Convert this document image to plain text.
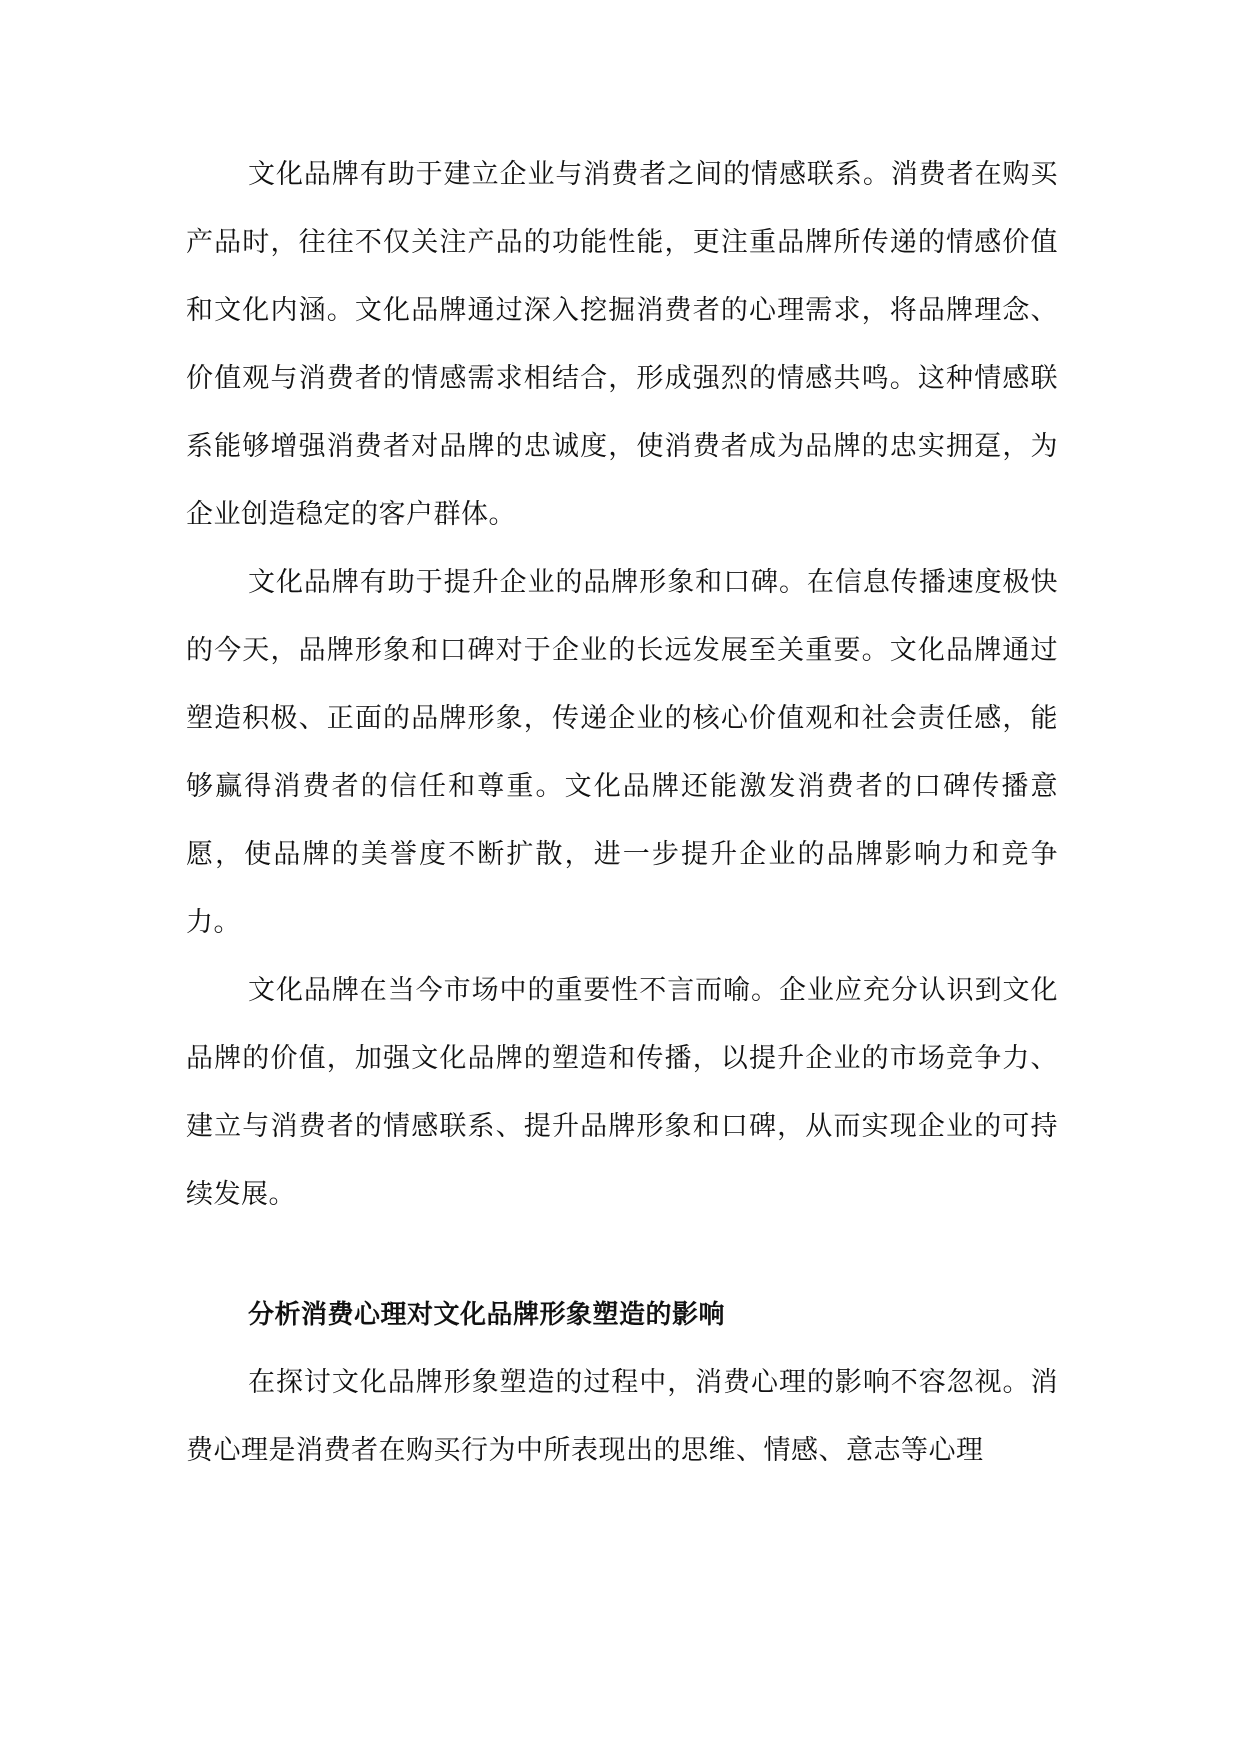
文化品牌有助于建立企业与消费者之间的情感联系。消费者在购买产品时，往往不仅关注产品的功能性能，更注重品牌所传递的情感价值和文化内涵。文化品牌通过深入挖掘消费者的心理需求，将品牌理念、价值观与消费者的情感需求相结合，形成强烈的情感共鸣。这种情感联系能够增强消费者对品牌的忠诚度，使消费者成为品牌的忠实拥趸，为企业创造稳定的客户群体。

文化品牌有助于提升企业的品牌形象和口碑。在信息传播速度极快的今天，品牌形象和口碑对于企业的长远发展至关重要。文化品牌通过塑造积极、正面的品牌形象，传递企业的核心价值观和社会责任感，能够赢得消费者的信任和尊重。文化品牌还能激发消费者的口碑传播意愿，使品牌的美誉度不断扩散，进一步提升企业的品牌影响力和竞争力。

文化品牌在当今市场中的重要性不言而喻。企业应充分认识到文化品牌的价值，加强文化品牌的塑造和传播，以提升企业的市场竞争力、建立与消费者的情感联系、提升品牌形象和口碑，从而实现企业的可持续发展。

分析消费心理对文化品牌形象塑造的影响

在探讨文化品牌形象塑造的过程中，消费心理的影响不容忽视。消费心理是消费者在购买行为中所表现出的思维、情感、意志等心理
